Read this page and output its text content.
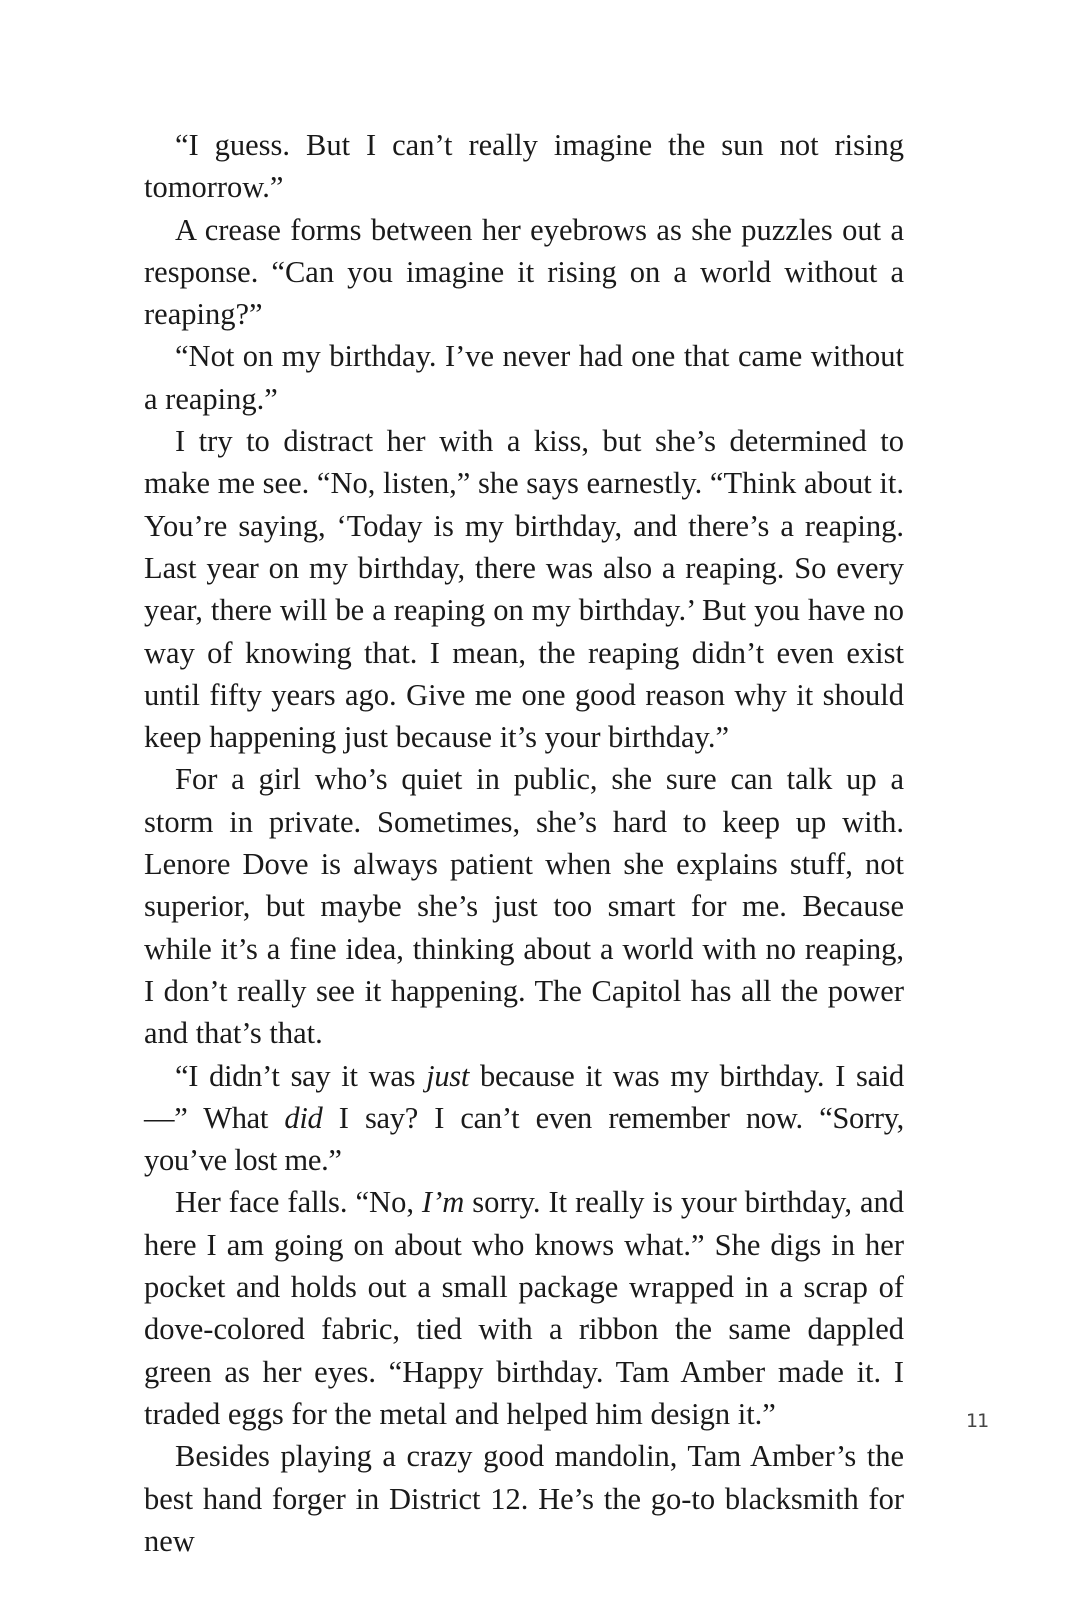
“I guess. But I can’t really imagine the sun not rising tomorrow.”

A crease forms between her eyebrows as she puzzles out a response. “Can you imagine it rising on a world without a reaping?”

“Not on my birthday. I’ve never had one that came without a reaping.”

I try to distract her with a kiss, but she’s determined to make me see. “No, listen,” she says earnestly. “Think about it. You’re saying, ‘Today is my birthday, and there’s a reaping. Last year on my birthday, there was also a reaping. So every year, there will be a reaping on my birthday.’ But you have no way of knowing that. I mean, the reaping didn’t even exist until fifty years ago. Give me one good reason why it should keep happening just because it’s your birthday.”

For a girl who’s quiet in public, she sure can talk up a storm in private. Sometimes, she’s hard to keep up with. Lenore Dove is always patient when she explains stuff, not superior, but maybe she’s just too smart for me. Because while it’s a fine idea, thinking about a world with no reaping, I don’t really see it happening. The Capitol has all the power and that’s that.

“I didn’t say it was just because it was my birthday. I said —” What did I say? I can’t even remember now. “Sorry, you’ve lost me.”

Her face falls. “No, I’m sorry. It really is your birthday, and here I am going on about who knows what.” She digs in her pocket and holds out a small package wrapped in a scrap of dove-colored fabric, tied with a ribbon the same dappled green as her eyes. “Happy birthday. Tam Amber made it. I traded eggs for the metal and helped him design it.”

Besides playing a crazy good mandolin, Tam Amber’s the best hand forger in District 12. He’s the go-to blacksmith for new

11
